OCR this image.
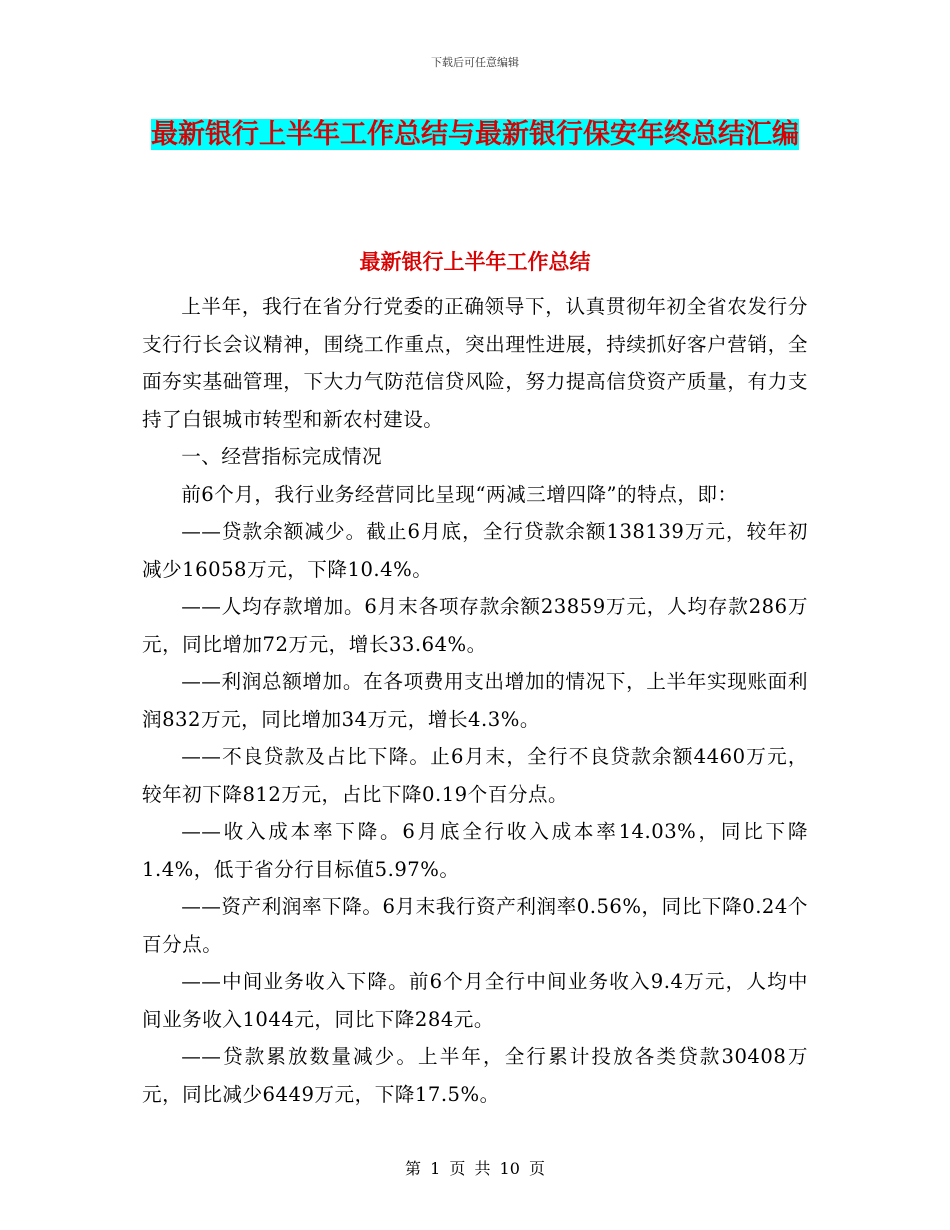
下载后可任意编辑
最新银行上半年工作总结与最新银行保安年终总结汇编
最新银行上半年工作总结

上半年，我行在省分行党委的正确领导下，认真贯彻年初全省农发行分支行行长会议精神，围绕工作重点，突出理性进展，持续抓好客户营销，全面夯实基础管理，下大力气防范信贷风险，努力提高信贷资产质量，有力支持了白银城市转型和新农村建设。

一、经营指标完成情况

前6个月，我行业务经营同比呈现“两减三增四降”的特点，即：

——贷款余额减少。截止6月底，全行贷款余额138139万元，较年初减少16058万元，下降10.4%。

——人均存款增加。6月末各项存款余额23859万元，人均存款286万元，同比增加72万元，增长33.64%。

——利润总额增加。在各项费用支出增加的情况下，上半年实现账面利润832万元，同比增加34万元，增长4.3%。

——不良贷款及占比下降。止6月末，全行不良贷款余额4460万元，较年初下降812万元，占比下降0.19个百分点。

——收入成本率下降。6月底全行收入成本率14.03%，同比下降1.4%，低于省分行目标值5.97%。

——资产利润率下降。6月末我行资产利润率0.56%，同比下降0.24个百分点。

——中间业务收入下降。前6个月全行中间业务收入9.4万元，人均中间业务收入1044元，同比下降284元。

——贷款累放数量减少。上半年，全行累计投放各类贷款30408万元，同比减少6449万元，下降17.5%。

第 1 页 共 10 页
